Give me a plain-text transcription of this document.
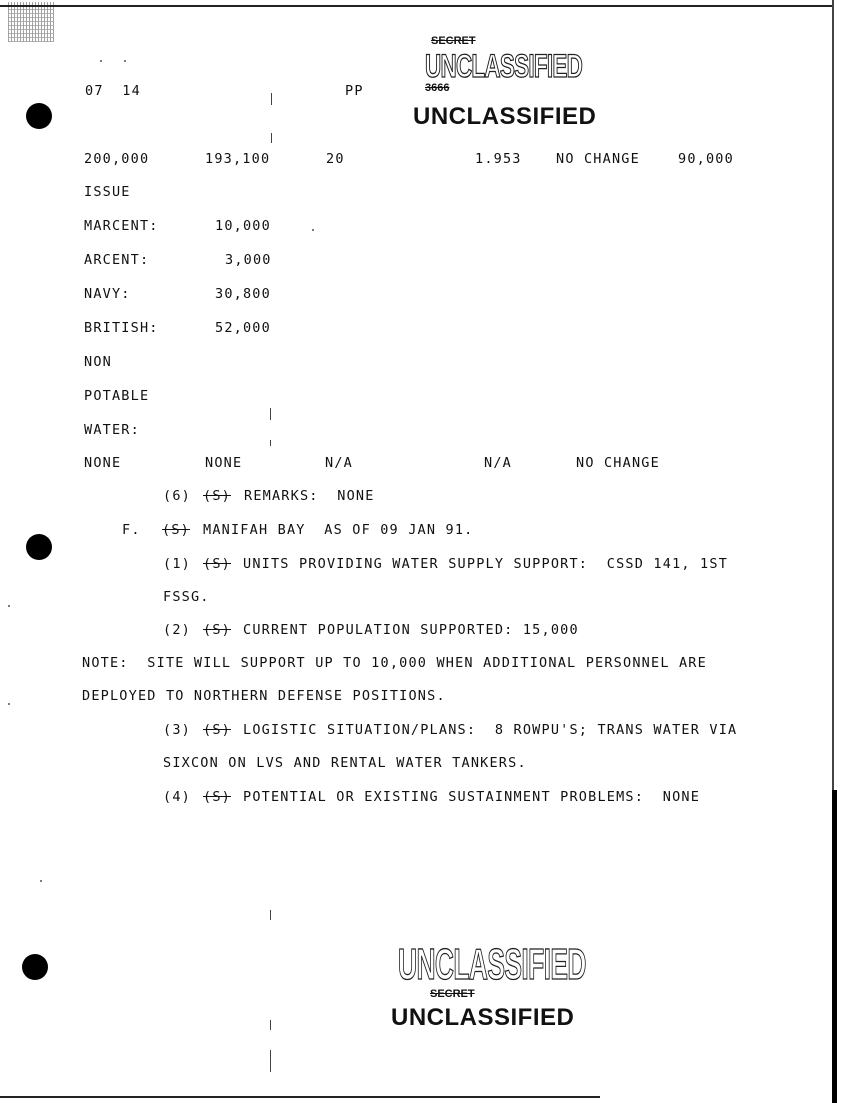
07  14	PP
SECRET
3666
UNCLASSIFIED
UNCLASSIFIED
200,000	193,100	20	1.953	NO CHANGE	90,000
ISSUE
MARCENT:	10,000
ARCENT:	3,000
NAVY:	30,800
BRITISH:	52,000
NON
POTABLE
WATER:
NONE	NONE	N/A	N/A	NO CHANGE
(6) (S) REMARKS:  NONE
F. (S) MANIFAH BAY  AS OF 09 JAN 91.
(1) (S) UNITS PROVIDING WATER SUPPLY SUPPORT:  CSSD 141, 1ST
FSSG.
(2) (S) CURRENT POPULATION SUPPORTED: 15,000
NOTE:  SITE WILL SUPPORT UP TO 10,000 WHEN ADDITIONAL PERSONNEL ARE
DEPLOYED TO NORTHERN DEFENSE POSITIONS.
(3) (S) LOGISTIC SITUATION/PLANS:  8 ROWPU'S; TRANS WATER VIA
SIXCON ON LVS AND RENTAL WATER TANKERS.
(4) (S) POTENTIAL OR EXISTING SUSTAINMENT PROBLEMS:  NONE
UNCLASSIFIED
SECRET
UNCLASSIFIED
